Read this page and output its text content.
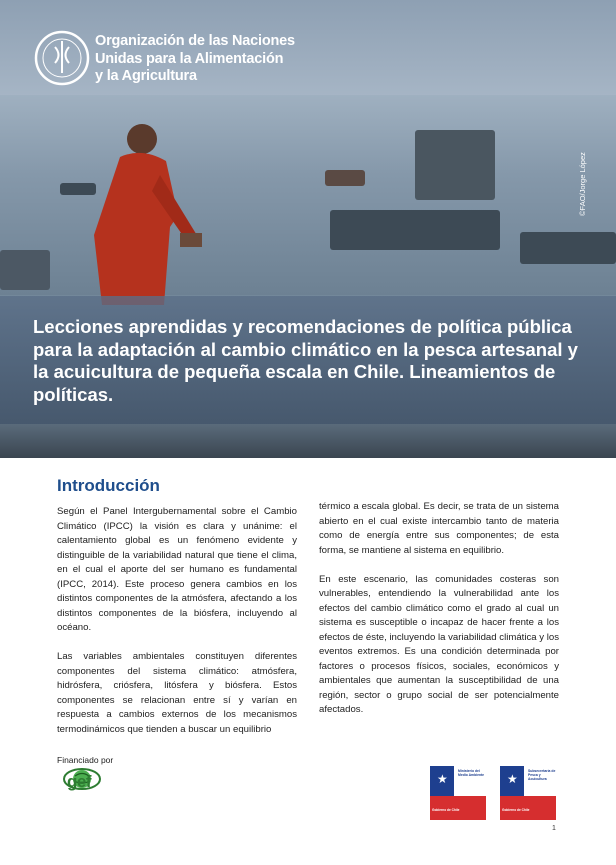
Organización de las Naciones
Unidas para la Alimentación
y la Agricultura
©FAO/Jorge López
Lecciones aprendidas y recomendaciones de política pública para la adaptación al cambio climático en la pesca artesanal y la acuicultura de pequeña escala en Chile. Lineamientos de políticas.
Introducción

Según el Panel Intergubernamental sobre el Cambio Climático (IPCC) la visión es clara y unánime: el calentamiento global es un fenómeno evidente y distinguible de la variabilidad natural que tiene el clima, en el cual el aporte del ser humano es fundamental (IPCC, 2014). Este proceso genera cambios en los distintos componentes de la atmósfera, afectando a los distintos componentes de la biósfera, incluyendo al océano.

Las variables ambientales constituyen diferentes componentes del sistema climático: atmósfera, hidrósfera, criósfera, litósfera y biósfera. Estos componentes se relacionan entre sí y varían en respuesta a cambios externos de los mecanismos termodinámicos que tienden a buscar un equilibrio

térmico a escala global. Es decir, se trata de un sistema abierto en el cual existe intercambio tanto de materia como de energía entre sus componentes; de esta forma, se mantiene al sistema en equilibrio.

En este escenario, las comunidades costeras son vulnerables, entendiendo la vulnerabilidad ante los efectos del cambio climático como el grado al cual un sistema es susceptible o incapaz de hacer frente a los efectos de éste, incluyendo la variabilidad climática y los eventos extremos. Es una condición determinada por factores o procesos físicos, sociales, económicos y ambientales que aumentan la susceptibilidad de una región, sector o grupo social de ser potencialmente afectados.

Financiado por
gef	★
Ministerio del Medio Ambiente
Gobierno de Chile
★
Subsecretaría de Pesca y Acuicultura
Gobierno de Chile
1
